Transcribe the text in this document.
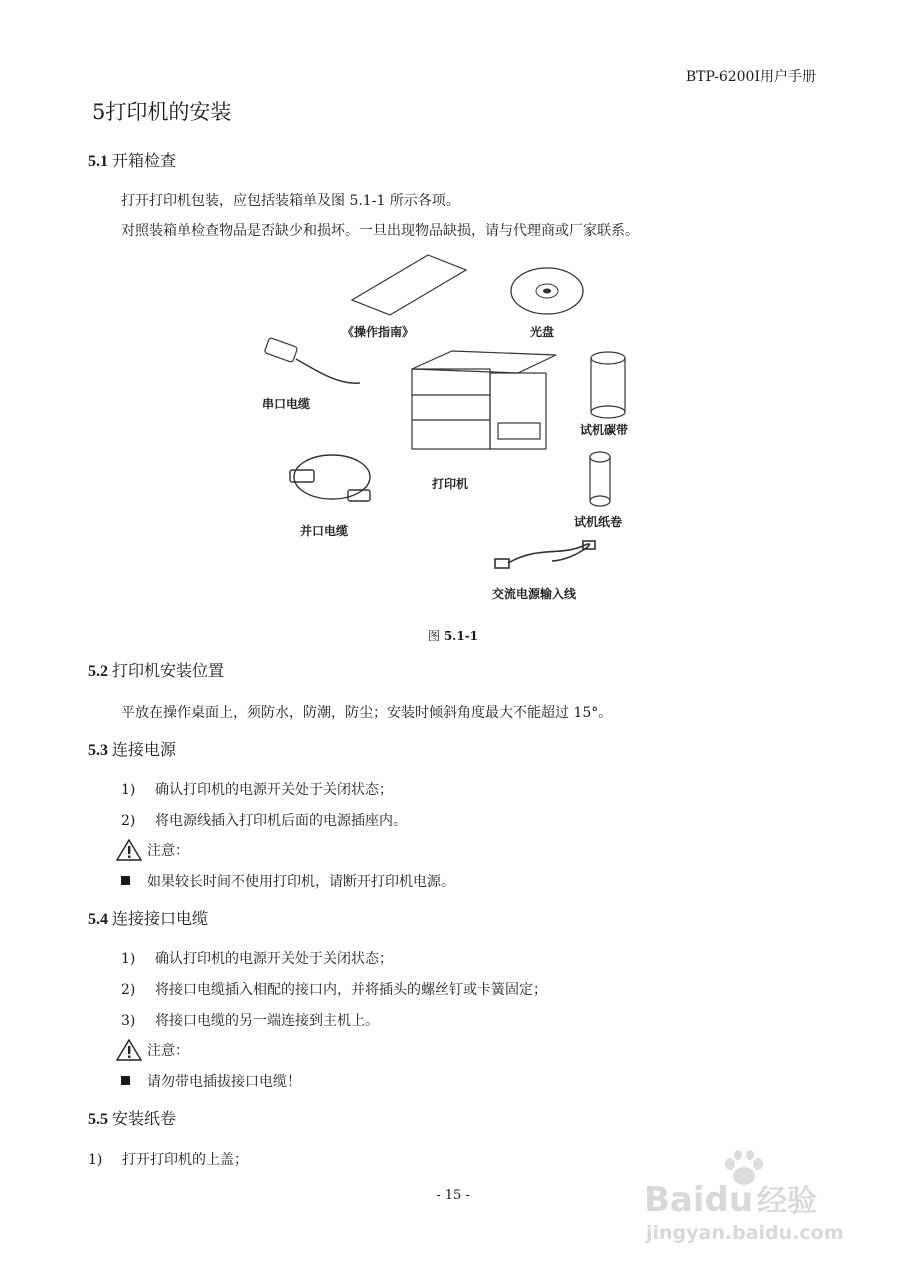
BTP-6200I用户手册
5打印机的安装
5.1 开箱检查
打开打印机包装，应包括装箱单及图 5.1-1 所示各项。
对照装箱单检查物品是否缺少和损坏。一旦出现物品缺损，请与代理商或厂家联系。
《操作指南》	光盘
串口电缆
试机碳带
打印机
并口电缆
试机纸卷
交流电源输入线
图 5.1-1
5.2 打印机安装位置
平放在操作桌面上，须防水，防潮，防尘；安装时倾斜角度最大不能超过 15°。
5.3 连接电源
1) 确认打印机的电源开关处于关闭状态；
2) 将电源线插入打印机后面的电源插座内。
注意：
如果较长时间不使用打印机，请断开打印机电源。
5.4 连接接口电缆
1) 确认打印机的电源开关处于关闭状态；
2) 将接口电缆插入相配的接口内，并将插头的螺丝钉或卡簧固定；
3) 将接口电缆的另一端连接到主机上。
注意：
请勿带电插拔接口电缆！
5.5 安装纸卷
1) 打开打印机的上盖；
- 15 -	Baidu 经验
jingyan.baidu.com
